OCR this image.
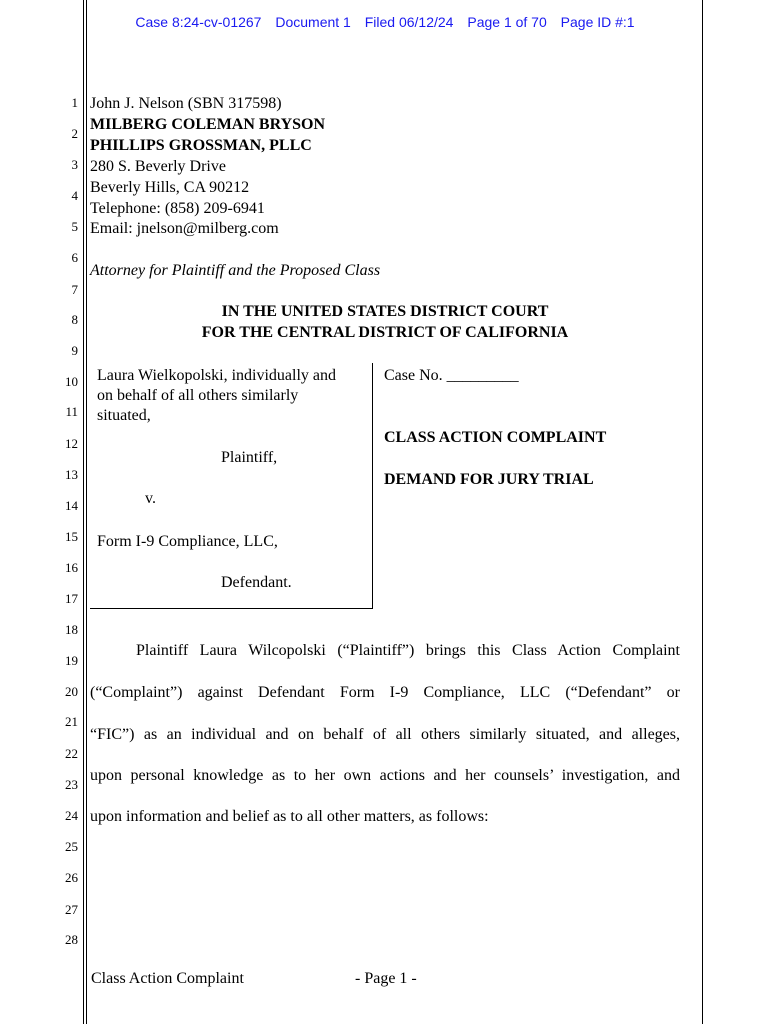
Case 8:24-cv-01267 Document 1 Filed 06/12/24 Page 1 of 70 Page ID #:1
1
2
3
4
5
6
7
8
9
10
11
12
13
14
15
16
17
18
19
20
21
22
23
24
25
26
27
28
John J. Nelson (SBN 317598)
MILBERG COLEMAN BRYSON
PHILLIPS GROSSMAN, PLLC
280 S. Beverly Drive
Beverly Hills, CA 90212
Telephone: (858) 209-6941
Email: jnelson@milberg.com
Attorney for Plaintiff and the Proposed Class
IN THE UNITED STATES DISTRICT COURT
FOR THE CENTRAL DISTRICT OF CALIFORNIA
Laura Wielkopolski, individually and
on behalf of all others similarly
situated,
Plaintiff,
v.
Form I-9 Compliance, LLC,
Defendant.
Case No. _________
CLASS ACTION COMPLAINT
DEMAND FOR JURY TRIAL
Plaintiff Laura Wilcopolski (“Plaintiff”) brings this Class Action Complaint
(“Complaint”) against Defendant Form I-9 Compliance, LLC (“Defendant” or
“FIC”) as an individual and on behalf of all others similarly situated, and alleges,
upon personal knowledge as to her own actions and her counsels’ investigation, and
upon information and belief as to all other matters, as follows:
Class Action Complaint	- Page 1 -
